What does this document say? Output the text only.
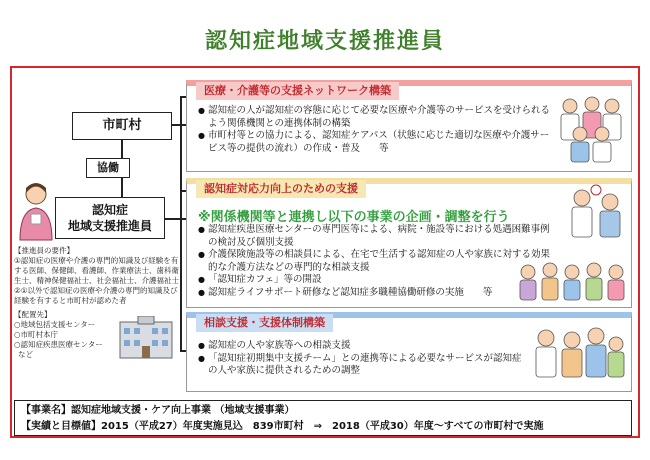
認知症地域支援推進員
市町村
協働
認知症
地域支援推進員
【推進員の要件】
①認知症の医療や介護の専門的知識及び経験を有する医師、保健師、看護師、作業療法士、歯科衛生士、精神保健福祉士、社会福祉士、介護福祉士
②①以外で認知症の医療や介護の専門的知識及び経験を有すると市町村が認めた者
【配置先】
○地域包括支援センター
○市町村本庁
○認知症疾患医療センター
など
医療・介護等の支援ネットワーク構築
● 認知症の人が認知症の容態に応じて必要な医療や介護等のサービスを受けられるよう関係機関との連携体制の構築
● 市町村等との協力による、認知症ケアパス（状態に応じた適切な医療や介護サービス等の提供の流れ）の作成・普及　　等
認知症対応力向上のための支援
※関係機関等と連携し以下の事業の企画・調整を行う
● 認知症疾患医療センターの専門医等による、病院・施設等における処遇困難事例の検討及び個別支援
● 介護保険施設等の相談員による、在宅で生活する認知症の人や家族に対する効果的な介護方法などの専門的な相談支援
● 「認知症カフェ」等の開設
● 認知症ライフサポート研修など認知症多職種協働研修の実施　　等
相談支援・支援体制構築
● 認知症の人や家族等への相談支援
● 「認知症初期集中支援チーム」との連携等による必要なサービスが認知症の人や家族に提供されるための調整
【事業名】認知症地域支援・ケア向上事業 （地域支援事業）
【実績と目標値】2015（平成27）年度実施見込　839市町村　⇒　2018（平成30）年度～すべての市町村で実施
